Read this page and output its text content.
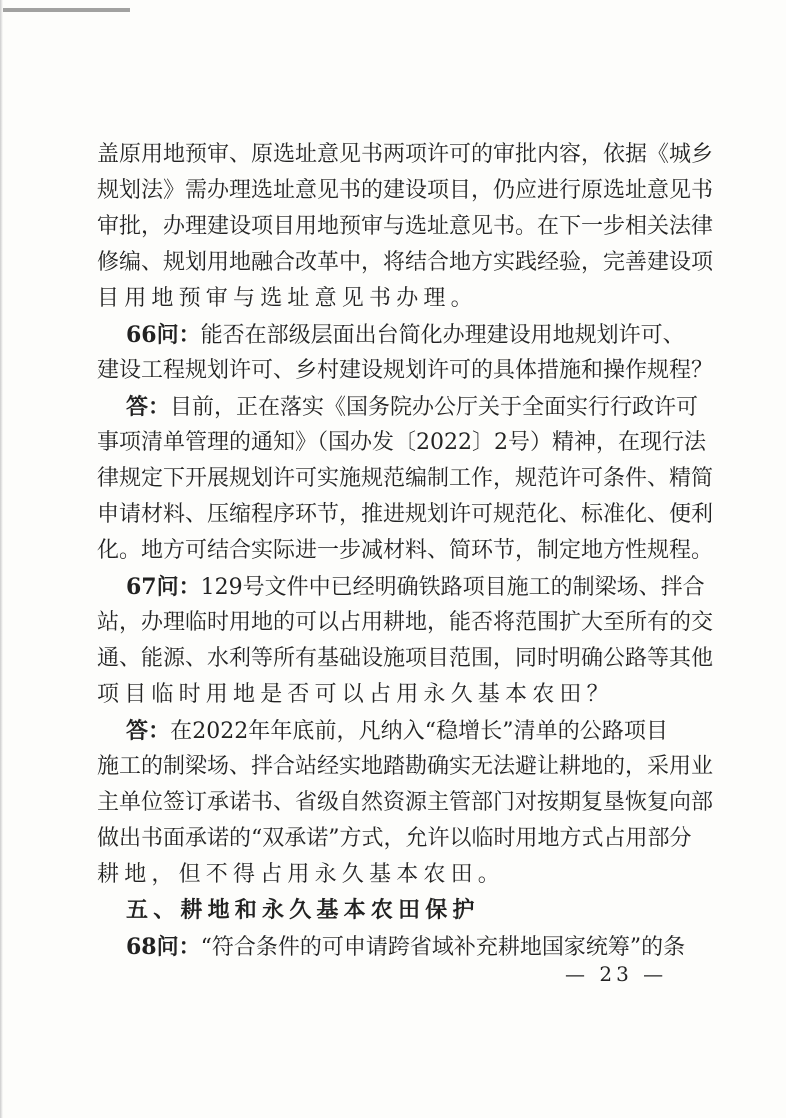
盖原用地预审、原选址意见书两项许可的审批内容，依据《城乡
规划法》需办理选址意见书的建设项目，仍应进行原选址意见书
审批，办理建设项目用地预审与选址意见书。在下一步相关法律
修编、规划用地融合改革中，将结合地方实践经验，完善建设项
目用地预审与选址意见书办理。
66问：能否在部级层面出台简化办理建设用地规划许可、
建设工程规划许可、乡村建设规划许可的具体措施和操作规程？
答：目前，正在落实《国务院办公厅关于全面实行行政许可
事项清单管理的通知》（国办发〔2022〕2号）精神，在现行法
律规定下开展规划许可实施规范编制工作，规范许可条件、精简
申请材料、压缩程序环节，推进规划许可规范化、标准化、便利
化。地方可结合实际进一步减材料、简环节，制定地方性规程。
67问：129号文件中已经明确铁路项目施工的制梁场、拌合
站，办理临时用地的可以占用耕地，能否将范围扩大至所有的交
通、能源、水利等所有基础设施项目范围，同时明确公路等其他
项目临时用地是否可以占用永久基本农田？
答：在2022年年底前，凡纳入“稳增长”清单的公路项目
施工的制梁场、拌合站经实地踏勘确实无法避让耕地的，采用业
主单位签订承诺书、省级自然资源主管部门对按期复垦恢复向部
做出书面承诺的“双承诺”方式，允许以临时用地方式占用部分
耕地，但不得占用永久基本农田。
五、耕地和永久基本农田保护
68问：“符合条件的可申请跨省域补充耕地国家统筹”的条
— 23 —
